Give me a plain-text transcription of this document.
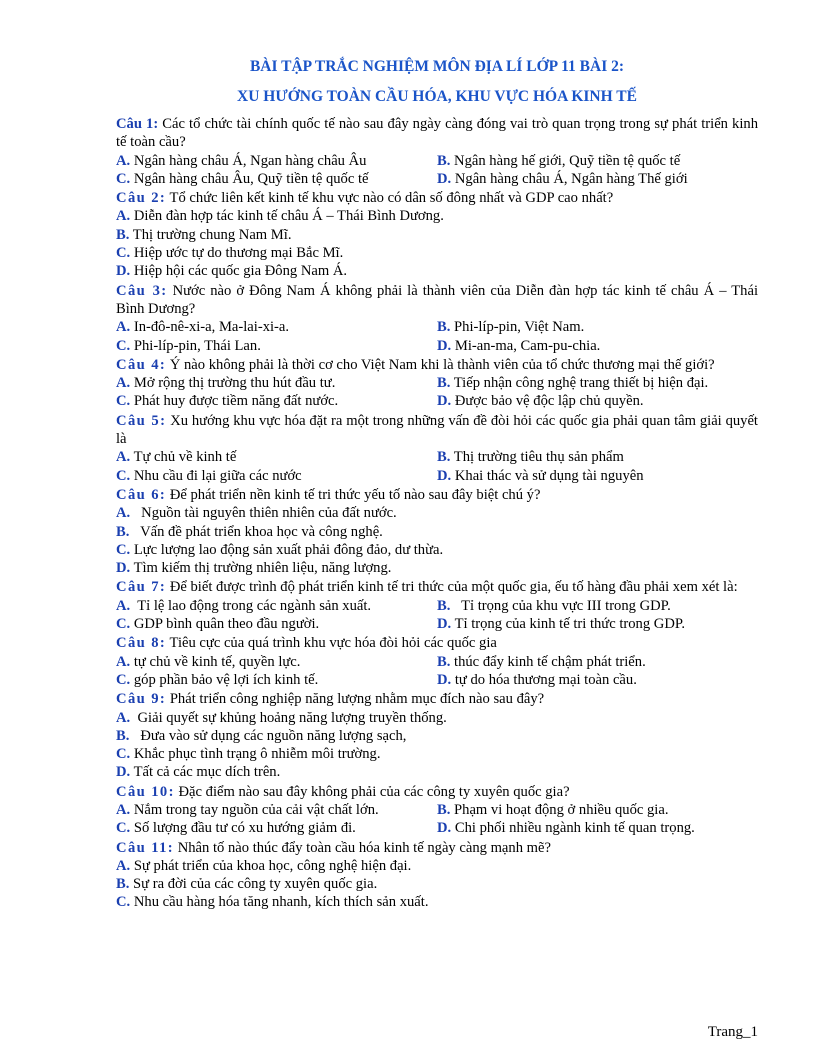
BÀI TẬP TRẮC NGHIỆM MÔN ĐỊA LÍ LỚP 11 BÀI 2:
XU HƯỚNG TOÀN CẦU HÓA, KHU VỰC HÓA KINH TẾ
Câu 1: Các tổ chức tài chính quốc tế nào sau đây ngày càng đóng vai trò quan trọng trong sự phát triển kinh tế toàn cầu?
A. Ngân hàng châu Á, Ngan hàng châu Âu	B. Ngân hàng hế giới, Quỹ tiền tệ quốc tế
C. Ngân hàng châu Âu, Quỹ tiền tệ quốc tế	D. Ngân hàng châu Á, Ngân hàng Thế giới
Câu 2: Tổ chức liên kết kinh tế khu vực nào có dân số đông nhất và GDP cao nhất?
A. Diễn đàn hợp tác kinh tế châu Á – Thái Bình Dương.
B. Thị trường chung Nam Mĩ.
C. Hiệp ước tự do thương mại Bắc Mĩ.
D. Hiệp hội các quốc gia Đông Nam Á.
Câu 3: Nước nào ở Đông Nam Á không phải là thành viên của Diễn đàn hợp tác kinh tế châu Á – Thái Bình Dương?
A. In-đô-nê-xi-a, Ma-lai-xi-a.	B. Phi-líp-pin, Việt Nam.
C. Phi-líp-pin, Thái Lan.	D. Mi-an-ma, Cam-pu-chia.
Câu 4: Ý nào không phải là thời cơ cho Việt Nam khi là thành viên của tổ chức thương mại thế giới?
A. Mở rộng thị trường thu hút đầu tư.	B. Tiếp nhận công nghệ trang thiết bị hiện đại.
C. Phát huy được tiềm năng đất nước.	D. Được bảo vệ độc lập chủ quyền.
Câu 5: Xu hướng khu vực hóa đặt ra một trong những vấn đề đòi hỏi các quốc gia phải quan tâm giải quyết là
A. Tự chủ về kinh tế	B. Thị trường tiêu thụ sản phẩm
C. Nhu cầu đi lại giữa các nước	D. Khai thác và sử dụng tài nguyên
Câu 6: Để phát triển nền kinh tế tri thức yếu tố nào sau đây biệt chú ý?
A.   Nguồn tài nguyên thiên nhiên của đất nước.
B.   Vấn đề phát triển khoa học và công nghệ.
C. Lực lượng lao động sản xuất phải đông đảo, dư thừa.
D. Tìm kiếm thị trường nhiên liệu, năng lượng.
Câu 7: Để biết được trình độ phát triển kinh tế tri thức của một quốc gia, ếu tố hàng đầu phải xem xét là:
A.  Tỉ lệ lao động trong các ngành sản xuất.	B.   Tỉ trọng của khu vực III trong GDP.
C. GDP bình quân theo đầu người.	D. Tỉ trọng của kinh tế tri thức trong GDP.
Câu 8: Tiêu cực của quá trình khu vực hóa đòi hỏi các quốc gia
A. tự chủ về kinh tế, quyền lực.	B. thúc đẩy kinh tế chậm phát triển.
C. góp phần bảo vệ lợi ích kinh tế.	D. tự do hóa thương mại toàn cầu.
Câu 9: Phát triển công nghiệp năng lượng nhằm mục đích nào sau đây?
A.  Giải quyết sự khủng hoảng năng lượng truyền thống.
B.   Đưa vào sử dụng các nguồn năng lượng sạch,
C. Khắc phục tình trạng ô nhiễm môi trường.
D. Tất cả các mục dích trên.
Câu 10: Đặc điểm nào sau đây không phải của các công ty xuyên quốc gia?
A. Nắm trong tay nguồn của cải vật chất lớn.	B. Phạm vi hoạt động ở nhiều quốc gia.
C. Số lượng đầu tư có xu hướng giảm đi.	D. Chi phối nhiều ngành kinh tế quan trọng.
Câu 11: Nhân tố nào thúc đẩy toàn cầu hóa kinh tế ngày càng mạnh mẽ?
A. Sự phát triển của khoa học, công nghệ hiện đại.
B. Sự ra đời của các công ty xuyên quốc gia.
C. Nhu cầu hàng hóa tăng nhanh, kích thích sản xuất.
Trang_1
